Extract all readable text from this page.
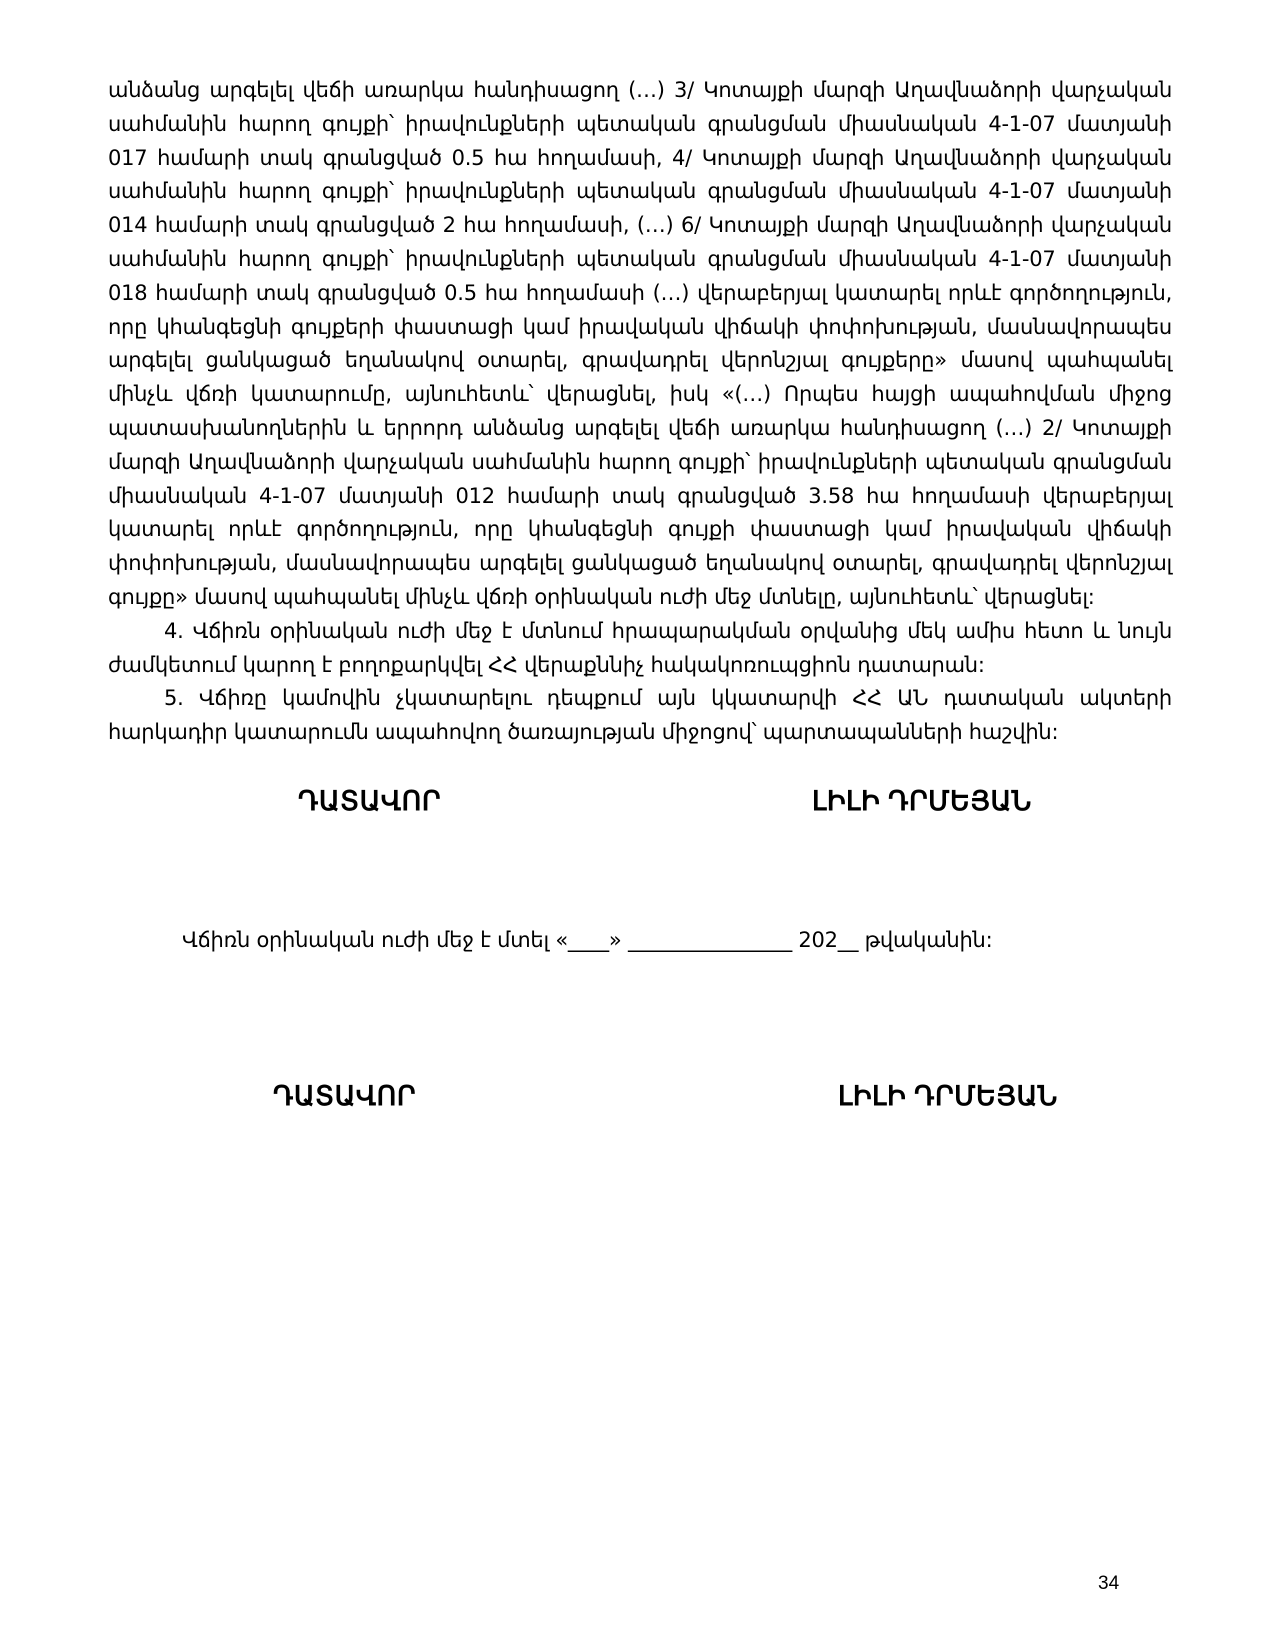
անձանց արգելել վեճի առարկա հանդիսացող (…) 3/ Կոտայքի մարզի Աղավնաձորի վարչական սահմանին հարող գույքի՝ իրավունքների պետական գրանցման միասնական 4-1-07 մատյանի 017 համարի տակ գրանցված 0.5 հա հողամասի, 4/ Կոտայքի մարզի Աղավնաձորի վարչական սահմանին հարող գույքի՝ իրավունքների պետական գրանցման միասնական 4-1-07 մատյանի 014 համարի տակ գրանցված 2 հա հողամասի, (…) 6/ Կոտայքի մարզի Աղավնաձորի վարչական սահմանին հարող գույքի՝ իրավունքների պետական գրանցման միասնական 4-1-07 մատյանի 018 համարի տակ գրանցված 0.5 հա հողամասի (…) վերաբերյալ կատարել որևէ գործողություն, որը կհանգեցնի գույքերի փաստացի կամ իրավական վիճակի փոփոխության, մասնավորապես արգելել ցանկացած եղանակով օտարել, գրավադրել վերոնշյալ գույքերը» մասով պահպանել մինչև վճռի կատարումը, այնուհետև՝ վերացնել, իսկ «(…) Որպես հայցի ապահովման միջոց պատասխանողներին և երրորդ անձանց արգելել վեճի առարկա հանդիսացող (…) 2/ Կոտայքի մարզի Աղավնաձորի վարչական սահմանին հարող գույքի՝ իրավունքների պետական գրանցման միասնական 4-1-07 մատյանի 012 համարի տակ գրանցված 3.58 հա հողամասի վերաբերյալ կատարել որևէ գործողություն, որը կհանգեցնի գույքի փաստացի կամ իրավական վիճակի փոփոխության, մասնավորապես արգելել ցանկացած եղանակով օտարել, գրավադրել վերոնշյալ գույքը» մասով պահպանել մինչև վճռի օրինական ուժի մեջ մտնելը, այնուհետև՝ վերացնել:

4. Վճիռն օրինական ուժի մեջ է մտնում հրապարակման օրվանից մեկ ամիս հետո և նույն ժամկետում կարող է բողոքարկվել ՀՀ վերաքննիչ հակակոռուպցիոն դատարան:

5. Վճիռը կամովին չկատարելու դեպքում այն կկատարվի ՀՀ ԱՆ դատական ակտերի հարկադիր կատարումն ապահովող ծառայության միջոցով՝ պարտապանների հաշվին:

ԴԱՏԱՎՈՐ	ԼԻԼԻ ԴՐՄԵՅԱՆ
Վճիռն օրինական ուժի մեջ է մտել «____» ________________ 202__ թվականին:
ԴԱՏԱՎՈՐ	ԼԻԼԻ ԴՐՄԵՅԱՆ
34
